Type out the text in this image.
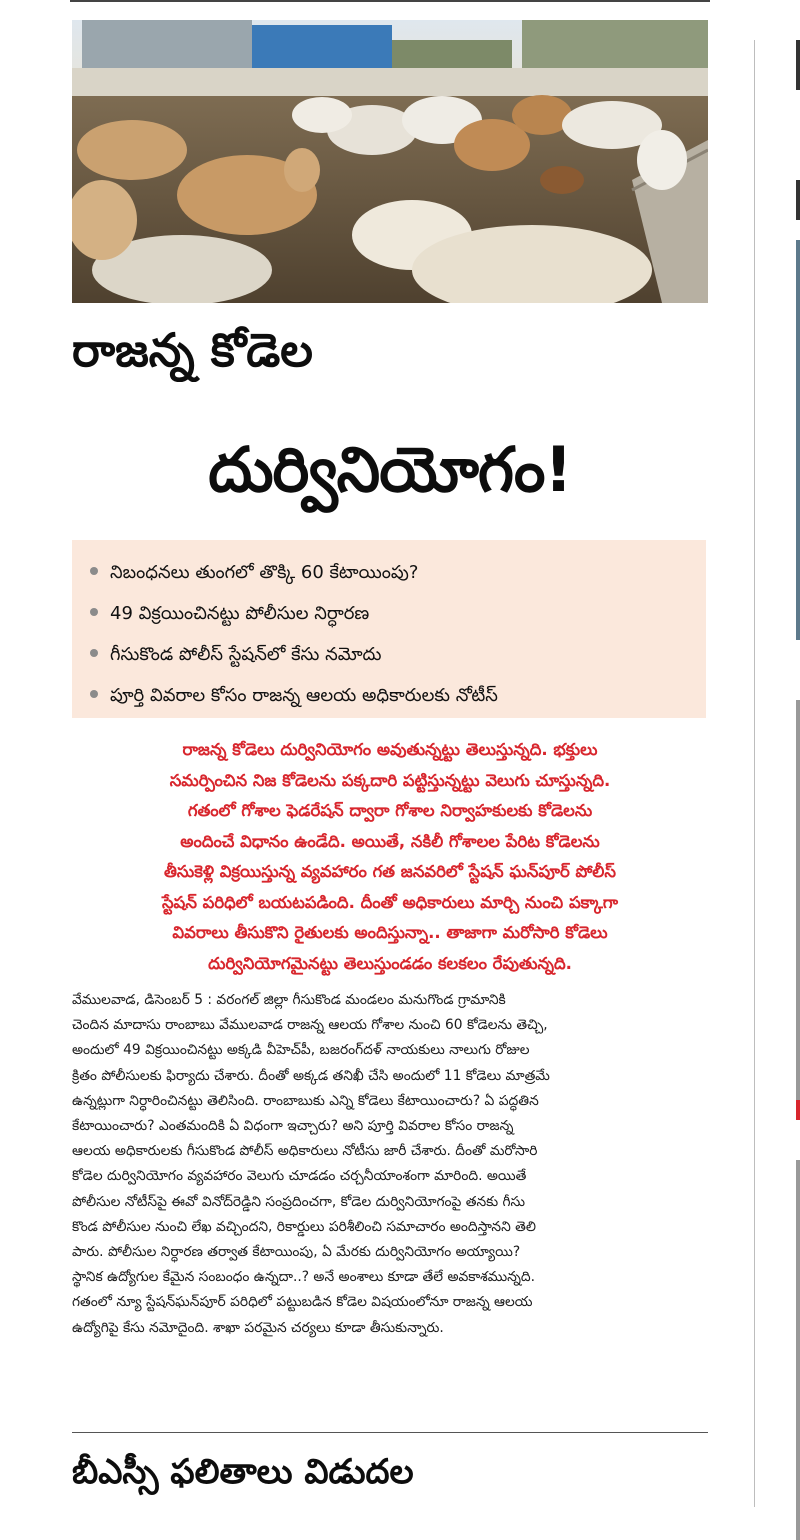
రాజన్న కోడెల
దుర్వినియోగం!
నిబంధనలు తుంగలో తొక్కి 60 కేటాయింపు?
49 విక్రయించినట్టు పోలీసుల నిర్ధారణ
గీసుకొండ పోలీస్ స్టేషన్‌లో కేసు నమోదు
పూర్తి వివరాల కోసం రాజన్న ఆలయ అధికారులకు నోటీస్

రాజన్న కోడెలు దుర్వినియోగం అవుతున్నట్టు తెలుస్తున్నది. భక్తులు

సమర్పించిన నిజ కోడెలను పక్కదారి పట్టిస్తున్నట్టు వెలుగు చూస్తున్నది.

గతంలో గోశాల ఫెడరేషన్ ద్వారా గోశాల నిర్వాహకులకు కోడెలను

అందించే విధానం ఉండేది. అయితే, నకిలీ గోశాలల పేరిట కోడెలను

తీసుకెళ్లి విక్రయిస్తున్న వ్యవహారం గత జనవరిలో స్టేషన్ ఘన్‌పూర్ పోలీస్

స్టేషన్ పరిధిలో బయటపడింది. దీంతో అధికారులు మార్చి నుంచి పక్కాగా

వివరాలు తీసుకొని రైతులకు అందిస్తున్నా.. తాజాగా మరోసారి కోడెలు

దుర్వినియోగమైనట్టు తెలుస్తుండడం కలకలం రేపుతున్నది.

వేములవాడ, డిసెంబర్ 5 : వరంగల్ జిల్లా గీసుకొండ మండలం మనుగొండ గ్రామానికి

చెందిన మాదాసు రాంబాబు వేములవాడ రాజన్న ఆలయ గోశాల నుంచి 60 కోడెలను తెచ్చి,

అందులో 49 విక్రయించినట్టు అక్కడి వీహెచ్‌పీ, బజరంగ్‌దళ్ నాయకులు నాలుగు రోజుల

క్రితం పోలీసులకు ఫిర్యాదు చేశారు. దీంతో అక్కడ తనిఖీ చేసి అందులో 11 కోడెలు మాత్రమే

ఉన్నట్లుగా నిర్ధారించినట్టు తెలిసింది. రాంబాబుకు ఎన్ని కోడెలు కేటాయించారు? ఏ పద్ధతిన

కేటాయించారు? ఎంతమందికి ఏ విధంగా ఇచ్చారు? అని పూర్తి వివరాల కోసం రాజన్న

ఆలయ అధికారులకు గీసుకొండ పోలీస్ అధికారులు నోటీసు జారీ చేశారు. దీంతో మరోసారి

కోడెల దుర్వినియోగం వ్యవహారం వెలుగు చూడడం చర్చనీయాంశంగా మారింది. అయితే

పోలీసుల నోటీస్‌పై ఈవో వినోద్‌రెడ్డిని సంప్రదించగా, కోడెల దుర్వినియోగంపై తనకు గీసు

కొండ పోలీసుల నుంచి లేఖ వచ్చిందని, రికార్డులు పరిశీలించి సమాచారం అందిస్తానని తెలి

పారు. పోలీసుల నిర్ధారణ తర్వాత కేటాయింపు, ఏ మేరకు దుర్వినియోగం అయ్యాయి?

స్థానిక ఉద్యోగుల కేమైన సంబంధం ఉన్నదా..? అనే అంశాలు కూడా తేలే అవకాశమున్నది.

గతంలో న్యూ స్టేషన్‌ఘన్‌పూర్ పరిధిలో పట్టుబడిన కోడెల విషయంలోనూ రాజన్న ఆలయ

ఉద్యోగిపై కేసు నమోదైంది. శాఖా పరమైన చర్యలు కూడా తీసుకున్నారు.

బీఎస్సీ ఫలితాలు విడుదల
